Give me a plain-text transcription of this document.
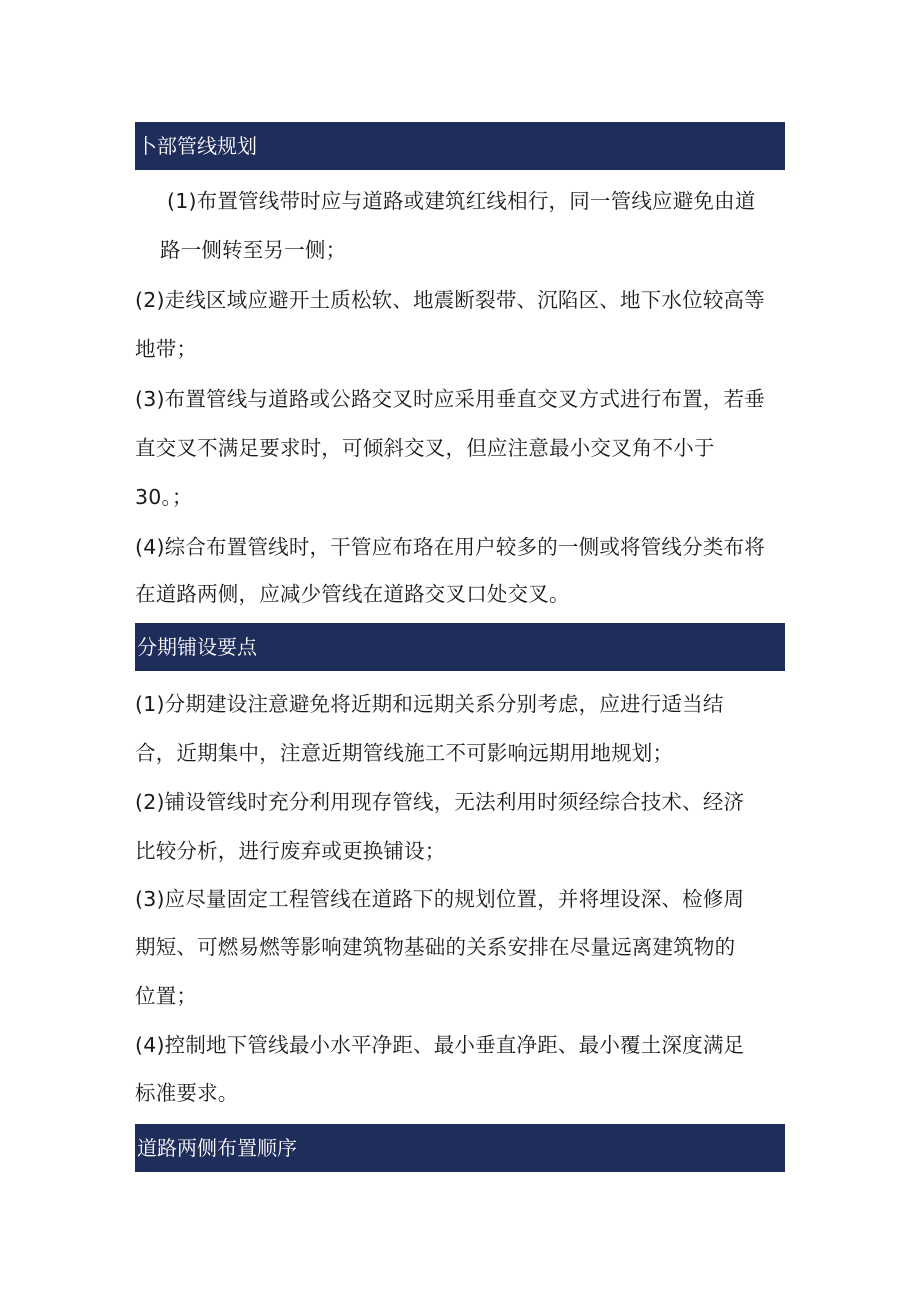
卜部管线规划
(1)布置管线带时应与道路或建筑红线相行，同一管线应避免由道
路一侧转至另一侧；
(2)走线区域应避开土质松软、地震断裂带、沉陷区、地下水位较高等
地带；
(3)布置管线与道路或公路交叉时应采用垂直交叉方式进行布置，若垂
直交叉不满足要求时，可倾斜交叉，但应注意最小交叉角不小于
30。；
(4)综合布置管线时，干管应布珞在用户较多的一侧或将管线分类布将
在道路两侧，应减少管线在道路交叉口处交叉。
分期铺设要点
(1)分期建设注意避免将近期和远期关系分别考虑，应进行适当结
合，近期集中，注意近期管线施工不可影响远期用地规划；
(2)铺设管线时充分利用现存管线，无法利用时须经综合技术、经济
比较分析，进行废弃或更换铺设；
(3)应尽量固定工程管线在道路下的规划位置，并将埋设深、检修周
期短、可燃易燃等影响建筑物基础的关系安排在尽量远离建筑物的
位置；
(4)控制地下管线最小水平净距、最小垂直净距、最小覆土深度满足
标准要求。
道路两侧布置顺序
